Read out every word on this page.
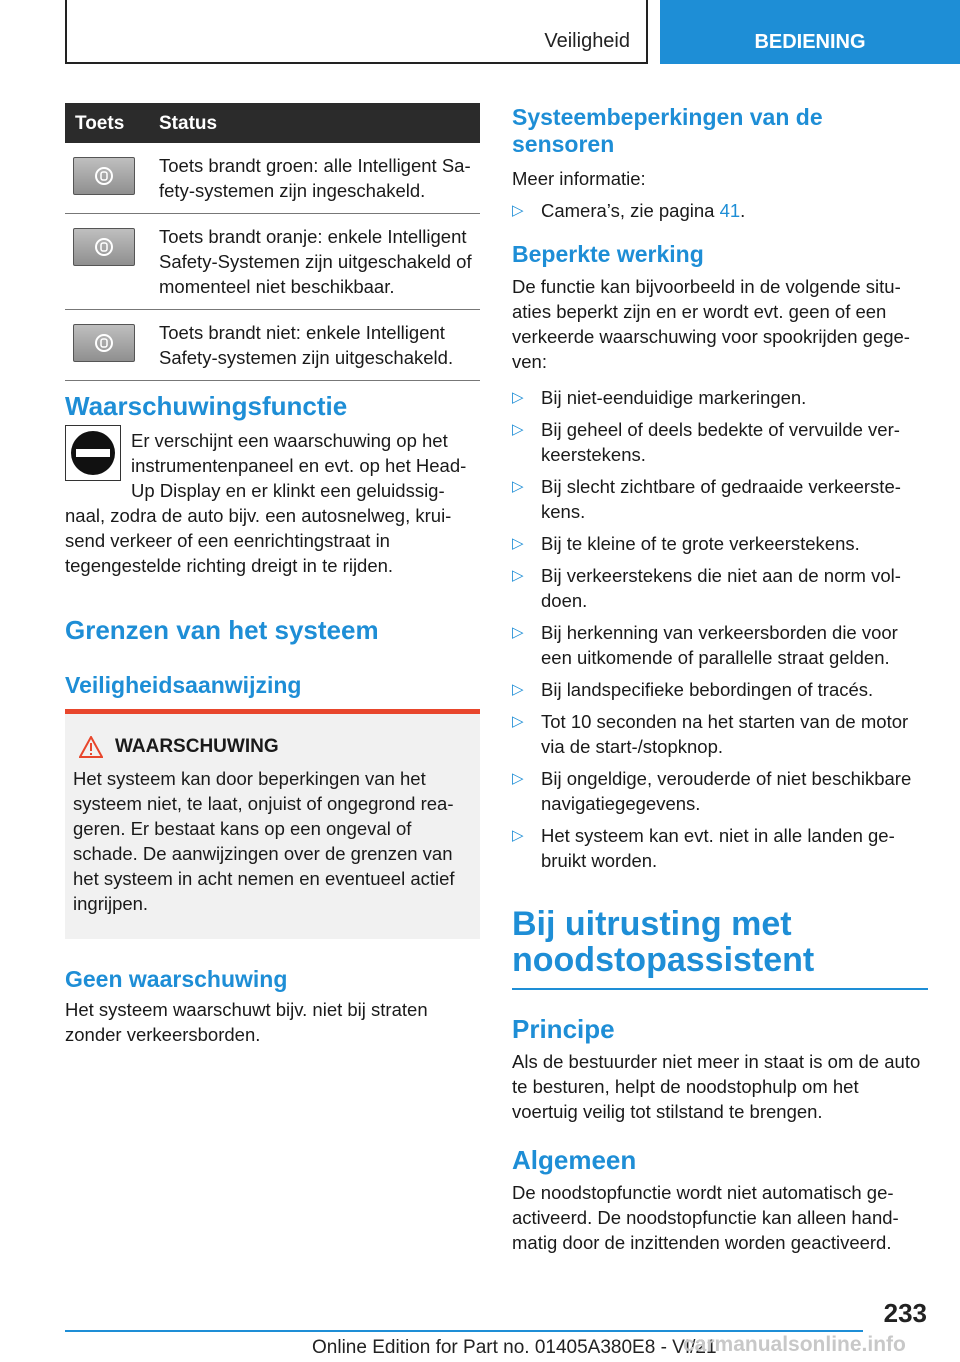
Veiligheid	BEDIENING
Toets	Status

	Toets brandt groen: alle Intelligent Sa-fety-systemen zijn ingeschakeld.

	Toets brandt oranje: enkele Intelligent Safety-Systemen zijn uitgeschakeld of momenteel niet beschikbaar.

	Toets brandt niet: enkele Intelligent Safety-systemen zijn uitgeschakeld.
Waarschuwingsfunctie

Er verschijnt een waarschuwing op het instrumentenpaneel en evt. op het Head-Up Display en er klinkt een geluidssig-naal, zodra de auto bijv. een autosnelweg, krui-send verkeer of een eenrichtingstraat in tegengestelde richting dreigt in te rijden.

Grenzen van het systeem
Veiligheidsaanwijzing
WAARSCHUWING

Het systeem kan door beperkingen van het systeem niet, te laat, onjuist of ongegrond rea-geren. Er bestaat kans op een ongeval of schade. De aanwijzingen over de grenzen van het systeem in acht nemen en eventueel actief ingrijpen.

Geen waarschuwing

Het systeem waarschuwt bijv. niet bij straten zonder verkeersborden.

Systeembeperkingen van de sensoren

Meer informatie:

▷ Camera’s, zie pagina 41.
Beperkte werking

De functie kan bijvoorbeeld in de volgende situ-aties beperkt zijn en er wordt evt. geen of een verkeerde waarschuwing voor spookrijden gege-ven:

▷ Bij niet-eenduidige markeringen.
▷ Bij geheel of deels bedekte of vervuilde ver-keerstekens.
▷ Bij slecht zichtbare of gedraaide verkeerste-kens.
▷ Bij te kleine of te grote verkeerstekens.
▷ Bij verkeerstekens die niet aan de norm vol-doen.
▷ Bij herkenning van verkeersborden die voor een uitkomende of parallelle straat gelden.
▷ Bij landspecifieke bebordingen of tracés.
▷ Tot 10 seconden na het starten van de motor via de start-/stopknop.
▷ Bij ongeldige, verouderde of niet beschikbare navigatiegegevens.
▷ Het systeem kan evt. niet in alle landen ge-bruikt worden.
Bij uitrusting met noodstopassistent
Principe

Als de bestuurder niet meer in staat is om de auto te besturen, helpt de noodstophulp om het voertuig veilig tot stilstand te brengen.

Algemeen

De noodstopfunctie wordt niet automatisch ge-activeerd. De noodstopfunctie kan alleen hand-matig door de inzittenden worden geactiveerd.

233
Online Edition for Part no. 01405A380E8 - VI/21
carmanualsonline.info
